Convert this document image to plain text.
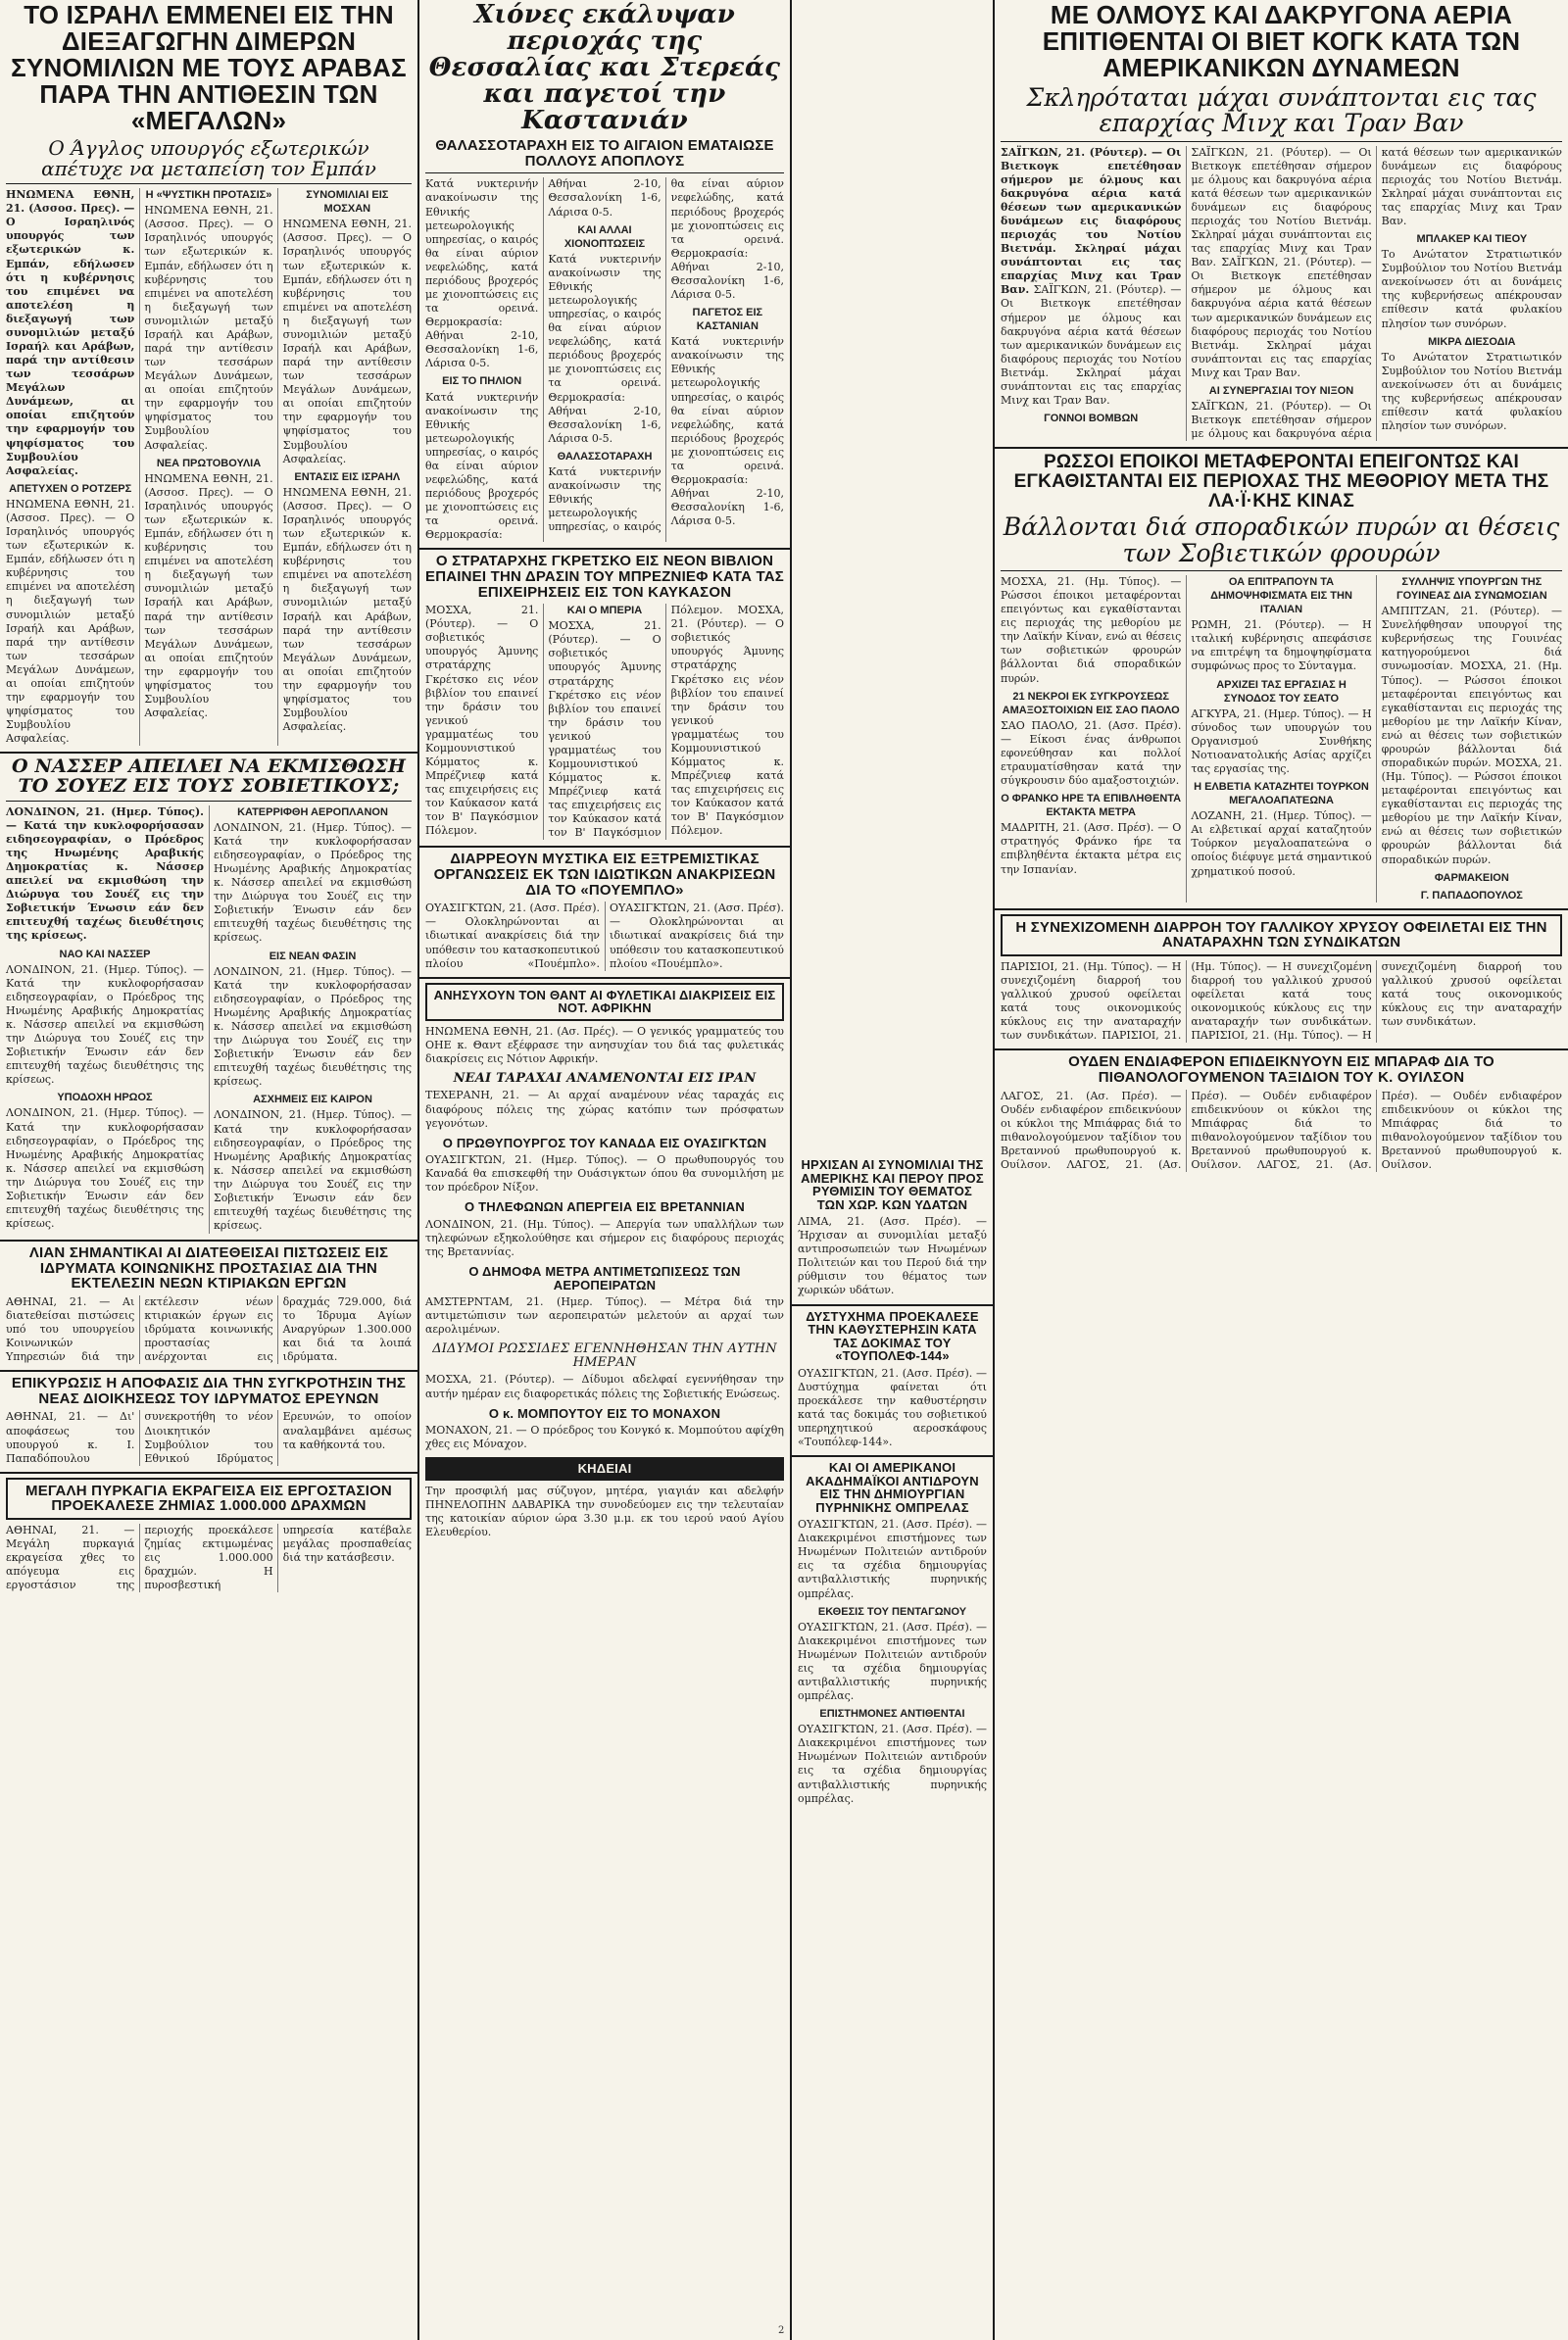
ΤΟ ΙΣΡΑΗΛ ΕΜΜΕΝΕΙ ΕΙΣ ΤΗΝ ΔΙΕΞΑΓΩΓΗΝ ΔΙΜΕΡΩΝ ΣΥΝΟΜΙΛΙΩΝ ΜΕ ΤΟΥΣ ΑΡΑΒΑΣ ΠΑΡΑ ΤΗΝ ΑΝΤΙΘΕΣΙΝ ΤΩΝ «ΜΕΓΑΛΩΝ»
Ο Άγγλος υπουργός εξωτερικών απέτυχε να μεταπείση τον Εμπάν
ΗΝΩΜΕΝΑ ΕΘΝΗ, 21. (Ασσοσ. Πρες). — Ο Ισραηλινός υπουργός των εξωτερικών κ. Εμπάν, εδήλωσεν ότι η κυβέρνησις του επιμένει να αποτελέση η διεξαγωγή των συνομιλιών μεταξύ Ισραήλ και Αράβων, παρά την αντίθεσιν των τεσσάρων Μεγάλων Δυνάμεων, αι οποίαι επιζητούν την εφαρμογήν του ψηφίσματος του Συμβουλίου Ασφαλείας.
ΑΠΕΤΥΧΕΝ Ο ΡΟΤΖΕΡΣ
ΗΝΩΜΕΝΑ ΕΘΝΗ, 21. (Ασσοσ. Πρες). — Ο Ισραηλινός υπουργός των εξωτερικών κ. Εμπάν, εδήλωσεν ότι η κυβέρνησις του επιμένει να αποτελέση η διεξαγωγή των συνομιλιών μεταξύ Ισραήλ και Αράβων, παρά την αντίθεσιν των τεσσάρων Μεγάλων Δυνάμεων, αι οποίαι επιζητούν την εφαρμογήν του ψηφίσματος του Συμβουλίου Ασφαλείας.
Η «ΨΥΣΤΙΚΗ ΠΡΟΤΑΣΙΣ»
ΗΝΩΜΕΝΑ ΕΘΝΗ, 21. (Ασσοσ. Πρες). — Ο Ισραηλινός υπουργός των εξωτερικών κ. Εμπάν, εδήλωσεν ότι η κυβέρνησις του επιμένει να αποτελέση η διεξαγωγή των συνομιλιών μεταξύ Ισραήλ και Αράβων, παρά την αντίθεσιν των τεσσάρων Μεγάλων Δυνάμεων, αι οποίαι επιζητούν την εφαρμογήν του ψηφίσματος του Συμβουλίου Ασφαλείας.
ΝΕΑ ΠΡΩΤΟΒΟΥΛΙΑ
ΗΝΩΜΕΝΑ ΕΘΝΗ, 21. (Ασσοσ. Πρες). — Ο Ισραηλινός υπουργός των εξωτερικών κ. Εμπάν, εδήλωσεν ότι η κυβέρνησις του επιμένει να αποτελέση η διεξαγωγή των συνομιλιών μεταξύ Ισραήλ και Αράβων, παρά την αντίθεσιν των τεσσάρων Μεγάλων Δυνάμεων, αι οποίαι επιζητούν την εφαρμογήν του ψηφίσματος του Συμβουλίου Ασφαλείας.
ΣΥΝΟΜΙΛΙΑΙ ΕΙΣ ΜΟΣΧΑΝ
ΗΝΩΜΕΝΑ ΕΘΝΗ, 21. (Ασσοσ. Πρες). — Ο Ισραηλινός υπουργός των εξωτερικών κ. Εμπάν, εδήλωσεν ότι η κυβέρνησις του επιμένει να αποτελέση η διεξαγωγή των συνομιλιών μεταξύ Ισραήλ και Αράβων, παρά την αντίθεσιν των τεσσάρων Μεγάλων Δυνάμεων, αι οποίαι επιζητούν την εφαρμογήν του ψηφίσματος του Συμβουλίου Ασφαλείας.
ΕΝΤΑΣΙΣ ΕΙΣ ΙΣΡΑΗΛ
ΗΝΩΜΕΝΑ ΕΘΝΗ, 21. (Ασσοσ. Πρες). — Ο Ισραηλινός υπουργός των εξωτερικών κ. Εμπάν, εδήλωσεν ότι η κυβέρνησις του επιμένει να αποτελέση η διεξαγωγή των συνομιλιών μεταξύ Ισραήλ και Αράβων, παρά την αντίθεσιν των τεσσάρων Μεγάλων Δυνάμεων, αι οποίαι επιζητούν την εφαρμογήν του ψηφίσματος του Συμβουλίου Ασφαλείας.
Ο ΝΑΣΣΕΡ ΑΠΕΙΛΕΙ ΝΑ ΕΚΜΙΣΘΩΣΗ ΤΟ ΣΟΥΕΖ ΕΙΣ ΤΟΥΣ ΣΟΒΙΕΤΙΚΟΥΣ;
ΛΟΝΔΙΝΟΝ, 21. (Ημερ. Τύπος). — Κατά την κυκλοφορήσασαν ειδησεογραφίαν, ο Πρόεδρος της Ηνωμένης Αραβικής Δημοκρατίας κ. Νάσσερ απειλεί να εκμισθώση την Διώρυγα του Σουέζ εις την Σοβιετικήν Ένωσιν εάν δεν επιτευχθή ταχέως διευθέτησις της κρίσεως.
ΝΑΟ ΚΑΙ ΝΑΣΣΕΡ
ΛΟΝΔΙΝΟΝ, 21. (Ημερ. Τύπος). — Κατά την κυκλοφορήσασαν ειδησεογραφίαν, ο Πρόεδρος της Ηνωμένης Αραβικής Δημοκρατίας κ. Νάσσερ απειλεί να εκμισθώση την Διώρυγα του Σουέζ εις την Σοβιετικήν Ένωσιν εάν δεν επιτευχθή ταχέως διευθέτησις της κρίσεως.
ΥΠΟΔΟΧΗ ΗΡΩΟΣ
ΛΟΝΔΙΝΟΝ, 21. (Ημερ. Τύπος). — Κατά την κυκλοφορήσασαν ειδησεογραφίαν, ο Πρόεδρος της Ηνωμένης Αραβικής Δημοκρατίας κ. Νάσσερ απειλεί να εκμισθώση την Διώρυγα του Σουέζ εις την Σοβιετικήν Ένωσιν εάν δεν επιτευχθή ταχέως διευθέτησις της κρίσεως.
ΚΑΤΕΡΡΙΦΘΗ ΑΕΡΟΠΛΑΝΟΝ
ΛΟΝΔΙΝΟΝ, 21. (Ημερ. Τύπος). — Κατά την κυκλοφορήσασαν ειδησεογραφίαν, ο Πρόεδρος της Ηνωμένης Αραβικής Δημοκρατίας κ. Νάσσερ απειλεί να εκμισθώση την Διώρυγα του Σουέζ εις την Σοβιετικήν Ένωσιν εάν δεν επιτευχθή ταχέως διευθέτησις της κρίσεως.
ΕΙΣ ΝΕΑΝ ΦΑΣΙΝ
ΛΟΝΔΙΝΟΝ, 21. (Ημερ. Τύπος). — Κατά την κυκλοφορήσασαν ειδησεογραφίαν, ο Πρόεδρος της Ηνωμένης Αραβικής Δημοκρατίας κ. Νάσσερ απειλεί να εκμισθώση την Διώρυγα του Σουέζ εις την Σοβιετικήν Ένωσιν εάν δεν επιτευχθή ταχέως διευθέτησις της κρίσεως.
ΑΣΧΗΜΕΙΣ ΕΙΣ ΚΑΙΡΟΝ
ΛΟΝΔΙΝΟΝ, 21. (Ημερ. Τύπος). — Κατά την κυκλοφορήσασαν ειδησεογραφίαν, ο Πρόεδρος της Ηνωμένης Αραβικής Δημοκρατίας κ. Νάσσερ απειλεί να εκμισθώση την Διώρυγα του Σουέζ εις την Σοβιετικήν Ένωσιν εάν δεν επιτευχθή ταχέως διευθέτησις της κρίσεως.
ΛΙΑΝ ΣΗΜΑΝΤΙΚΑΙ ΑΙ ΔΙΑΤΕΘΕΙΣΑΙ ΠΙΣΤΩΣΕΙΣ ΕΙΣ ΙΔΡΥΜΑΤΑ ΚΟΙΝΩΝΙΚΗΣ ΠΡΟΣΤΑΣΙΑΣ ΔΙΑ ΤΗΝ ΕΚΤΕΛΕΣΙΝ ΝΕΩΝ ΚΤΙΡΙΑΚΩΝ ΕΡΓΩΝ
ΑΘΗΝΑΙ, 21. — Αι διατεθείσαι πιστώσεις υπό του υπουργείου Κοινωνικών Υπηρεσιών διά την εκτέλεσιν νέων κτιριακών έργων εις ιδρύματα κοινωνικής προστασίας ανέρχονται εις δραχμάς 729.000, διά το Ίδρυμα Αγίων Αναργύρων 1.300.000 και διά τα λοιπά ιδρύματα.
ΕΠΙΚΥΡΩΣΙΣ Η ΑΠΟΦΑΣΙΣ ΔΙΑ ΤΗΝ ΣΥΓΚΡΟΤΗΣΙΝ ΤΗΣ ΝΕΑΣ ΔΙΟΙΚΗΣΕΩΣ ΤΟΥ ΙΔΡΥΜΑΤΟΣ ΕΡΕΥΝΩΝ
ΑΘΗΝΑΙ, 21. — Δι' αποφάσεως του υπουργού κ. Ι. Παπαδόπουλου συνεκροτήθη το νέον Διοικητικόν Συμβούλιον του Εθνικού Ιδρύματος Ερευνών, το οποίον αναλαμβάνει αμέσως τα καθήκοντά του.
ΜΕΓΑΛΗ ΠΥΡΚΑΓΙΑ ΕΚΡΑΓΕΙΣΑ ΕΙΣ ΕΡΓΟΣΤΑΣΙΟΝ ΠΡΟΕΚΑΛΕΣΕ ΖΗΜΙΑΣ 1.000.000 ΔΡΑΧΜΩΝ
ΑΘΗΝΑΙ, 21. — Μεγάλη πυρκαγιά εκραγείσα χθες το απόγευμα εις εργοστάσιον της περιοχής προεκάλεσε ζημίας εκτιμωμένας εις 1.000.000 δραχμών. Η πυροσβεστική υπηρεσία κατέβαλε μεγάλας προσπαθείας διά την κατάσβεσιν.
Χιόνες εκάλυψαν περιοχάς της Θεσσαλίας και Στερεάς και παγετοί την Καστανιάν
ΘΑΛΑΣΣΟΤΑΡΑΧΗ ΕΙΣ ΤΟ ΑΙΓΑΙΟΝ ΕΜΑΤΑΙΩΣΕ ΠΟΛΛΟΥΣ ΑΠΟΠΛΟΥΣ
Κατά νυκτερινήν ανακοίνωσιν της Εθνικής μετεωρολογικής υπηρεσίας, ο καιρός θα είναι αύριον νεφελώδης, κατά περιόδους βροχερός με χιονοπτώσεις εις τα ορεινά. Θερμοκρασία: Αθήναι 2-10, Θεσσαλονίκη 1-6, Λάρισα 0-5.
ΕΙΣ ΤΟ ΠΗΛΙΟΝ
Κατά νυκτερινήν ανακοίνωσιν της Εθνικής μετεωρολογικής υπηρεσίας, ο καιρός θα είναι αύριον νεφελώδης, κατά περιόδους βροχερός με χιονοπτώσεις εις τα ορεινά. Θερμοκρασία: Αθήναι 2-10, Θεσσαλονίκη 1-6, Λάρισα 0-5.
ΚΑΙ ΑΛΛΑΙ ΧΙΟΝΟΠΤΩΣΕΙΣ
Κατά νυκτερινήν ανακοίνωσιν της Εθνικής μετεωρολογικής υπηρεσίας, ο καιρός θα είναι αύριον νεφελώδης, κατά περιόδους βροχερός με χιονοπτώσεις εις τα ορεινά. Θερμοκρασία: Αθήναι 2-10, Θεσσαλονίκη 1-6, Λάρισα 0-5.
ΘΑΛΑΣΣΟΤΑΡΑΧΗ
Κατά νυκτερινήν ανακοίνωσιν της Εθνικής μετεωρολογικής υπηρεσίας, ο καιρός θα είναι αύριον νεφελώδης, κατά περιόδους βροχερός με χιονοπτώσεις εις τα ορεινά. Θερμοκρασία: Αθήναι 2-10, Θεσσαλονίκη 1-6, Λάρισα 0-5.
ΠΑΓΕΤΟΣ ΕΙΣ ΚΑΣΤΑΝΙΑΝ
Κατά νυκτερινήν ανακοίνωσιν της Εθνικής μετεωρολογικής υπηρεσίας, ο καιρός θα είναι αύριον νεφελώδης, κατά περιόδους βροχερός με χιονοπτώσεις εις τα ορεινά. Θερμοκρασία: Αθήναι 2-10, Θεσσαλονίκη 1-6, Λάρισα 0-5.
Ο ΣΤΡΑΤΑΡΧΗΣ ΓΚΡΕΤΣΚΟ ΕΙΣ ΝΕΟΝ ΒΙΒΛΙΟΝ ΕΠΑΙΝΕΙ ΤΗΝ ΔΡΑΣΙΝ ΤΟΥ ΜΠΡΕΖΝΙΕΦ ΚΑΤΑ ΤΑΣ ΕΠΙΧΕΙΡΗΣΕΙΣ ΕΙΣ ΤΟΝ ΚΑΥΚΑΣΟΝ
ΜΟΣΧΑ, 21. (Ρόυτερ). — Ο σοβιετικός υπουργός Άμυνης στρατάρχης Γκρέτσκο εις νέον βιβλίον του επαινεί την δράσιν του γενικού γραμματέως του Κομμουνιστικού Κόμματος κ. Μπρέζνιεφ κατά τας επιχειρήσεις εις τον Καύκασον κατά τον Β' Παγκόσμιον Πόλεμον.
ΚΑΙ Ο ΜΠΕΡΙΑ
ΜΟΣΧΑ, 21. (Ρόυτερ). — Ο σοβιετικός υπουργός Άμυνης στρατάρχης Γκρέτσκο εις νέον βιβλίον του επαινεί την δράσιν του γενικού γραμματέως του Κομμουνιστικού Κόμματος κ. Μπρέζνιεφ κατά τας επιχειρήσεις εις τον Καύκασον κατά τον Β' Παγκόσμιον Πόλεμον. ΜΟΣΧΑ, 21. (Ρόυτερ). — Ο σοβιετικός υπουργός Άμυνης στρατάρχης Γκρέτσκο εις νέον βιβλίον του επαινεί την δράσιν του γενικού γραμματέως του Κομμουνιστικού Κόμματος κ. Μπρέζνιεφ κατά τας επιχειρήσεις εις τον Καύκασον κατά τον Β' Παγκόσμιον Πόλεμον.
ΔΙΑΡΡΕΟΥΝ ΜΥΣΤΙΚΑ ΕΙΣ ΕΞΤΡΕΜΙΣΤΙΚΑΣ ΟΡΓΑΝΩΣΕΙΣ ΕΚ ΤΩΝ ΙΔΙΩΤΙΚΩΝ ΑΝΑΚΡΙΣΕΩΝ ΔΙΑ ΤΟ «ΠΟΥΕΜΠΛΟ»
ΟΥΑΣΙΓΚΤΩΝ, 21. (Ασσ. Πρέσ). — Ολοκληρώνονται αι ιδιωτικαί ανακρίσεις διά την υπόθεσιν του κατασκοπευτικού πλοίου «Πουέμπλο». ΟΥΑΣΙΓΚΤΩΝ, 21. (Ασσ. Πρέσ). — Ολοκληρώνονται αι ιδιωτικαί ανακρίσεις διά την υπόθεσιν του κατασκοπευτικού πλοίου «Πουέμπλο».
ΑΝΗΣΥΧΟΥΝ ΤΟΝ ΘΑΝΤ ΑΙ ΦΥΛΕΤΙΚΑΙ ΔΙΑΚΡΙΣΕΙΣ ΕΙΣ ΝΟΤ. ΑΦΡΙΚΗΝ
ΗΝΩΜΕΝΑ ΕΘΝΗ, 21. (Ασ. Πρές). — Ο γενικός γραμματεύς του ΟΗΕ κ. Θαντ εξέφρασε την ανησυχίαν του διά τας φυλετικάς διακρίσεις εις Νότιον Αφρικήν.
ΝΕΑΙ ΤΑΡΑΧΑΙ ΑΝΑΜΕΝΟΝΤΑΙ ΕΙΣ ΙΡΑΝ
ΤΕΧΕΡΑΝΗ, 21. — Αι αρχαί αναμένουν νέας ταραχάς εις διαφόρους πόλεις της χώρας κατόπιν των πρόσφατων γεγονότων.
Ο ΠΡΩΘΥΠΟΥΡΓΟΣ ΤΟΥ ΚΑΝΑΔΑ ΕΙΣ ΟΥΑΣΙΓΚΤΩΝ
ΟΥΑΣΙΓΚΤΩΝ, 21. (Ημερ. Τύπος). — Ο πρωθυπουργός του Καναδά θα επισκεφθή την Ουάσιγκτων όπου θα συνομιλήση με τον πρόεδρον Νίξον.
Ο ΤΗΛΕΦΩΝΩΝ ΑΠΕΡΓΕΙΑ ΕΙΣ ΒΡΕΤΑΝΝΙΑΝ
ΛΟΝΔΙΝΟΝ, 21. (Ημ. Τύπος). — Απεργία των υπαλλήλων των τηλεφώνων εξηκολούθησε και σήμερον εις διαφόρους περιοχάς της Βρεταννίας.
Ο ΔΗΜΟΦΑ ΜΕΤΡΑ ΑΝΤΙΜΕΤΩΠΙΣΕΩΣ ΤΩΝ ΑΕΡΟΠΕΙΡΑΤΩΝ
ΑΜΣΤΕΡΝΤΑΜ, 21. (Ημερ. Τύπος). — Μέτρα διά την αντιμετώπισιν των αεροπειρατών μελετούν αι αρχαί των αερολιμένων.
ΔΙΔΥΜΟΙ ΡΩΣΣΙΔΕΣ ΕΓΕΝΝΗΘΗΣΑΝ ΤΗΝ ΑΥΤΗΝ ΗΜΕΡΑΝ
ΜΟΣΧΑ, 21. (Ρόυτερ). — Δίδυμοι αδελφαί εγεννήθησαν την αυτήν ημέραν εις διαφορετικάς πόλεις της Σοβιετικής Ενώσεως.
Ο κ. ΜΟΜΠΟΥΤΟΥ ΕΙΣ ΤΟ ΜΟΝΑΧΟΝ
ΜΟΝΑΧΟΝ, 21. — Ο πρόεδρος του Κονγκό κ. Μομπούτου αφίχθη χθες εις Μόναχον.
ΚΗΔΕΙΑΙ
Την προσφιλή μας σύζυγον, μητέρα, γιαγιάν και αδελφήν ΠΗΝΕΛΟΠΗΝ ΔΑΒΑΡΙΚΑ την συνοδεύομεν εις την τελευταίαν της κατοικίαν αύριον ώρα 3.30 μ.μ. εκ του ιερού ναού Αγίου Ελευθερίου.
ΗΡΧΙΣΑΝ ΑΙ ΣΥΝΟΜΙΛΙΑΙ ΤΗΣ ΑΜΕΡΙΚΗΣ ΚΑΙ ΠΕΡΟΥ ΠΡΟΣ ΡΥΘΜΙΣΙΝ ΤΟΥ ΘΕΜΑΤΟΣ ΤΩΝ ΧΩΡ. ΚΩΝ ΥΔΑΤΩΝ
ΛΙΜΑ, 21. (Ασσ. Πρέσ). — Ήρχισαν αι συνομιλίαι μεταξύ αντιπροσωπειών των Ηνωμένων Πολιτειών και του Περού διά την ρύθμισιν του θέματος των χωρικών υδάτων.
ΔΥΣΤΥΧΗΜΑ ΠΡΟΕΚΑΛΕΣΕ ΤΗΝ ΚΑΘΥΣΤΕΡΗΣΙΝ ΚΑΤΑ ΤΑΣ ΔΟΚΙΜΑΣ ΤΟΥ «ΤΟΥΠΟΛΕΦ-144»
ΟΥΑΣΙΓΚΤΩΝ, 21. (Ασσ. Πρέσ). — Δυστύχημα φαίνεται ότι προεκάλεσε την καθυστέρησιν κατά τας δοκιμάς του σοβιετικού υπερηχητικού αεροσκάφους «Τουπόλεφ-144».
ΚΑΙ ΟΙ ΑΜΕΡΙΚΑΝΟΙ ΑΚΑΔΗΜΑΪΚΟΙ ΑΝΤΙΔΡΟΥΝ ΕΙΣ ΤΗΝ ΔΗΜΙΟΥΡΓΙΑΝ ΠΥΡΗΝΙΚΗΣ ΟΜΠΡΕΛΑΣ
ΟΥΑΣΙΓΚΤΩΝ, 21. (Ασσ. Πρέσ). — Διακεκριμένοι επιστήμονες των Ηνωμένων Πολιτειών αντιδρούν εις τα σχέδια δημιουργίας αντιβαλλιστικής πυρηνικής ομπρέλας.
ΕΚΘΕΣΙΣ ΤΟΥ ΠΕΝΤΑΓΩΝΟΥ
ΟΥΑΣΙΓΚΤΩΝ, 21. (Ασσ. Πρέσ). — Διακεκριμένοι επιστήμονες των Ηνωμένων Πολιτειών αντιδρούν εις τα σχέδια δημιουργίας αντιβαλλιστικής πυρηνικής ομπρέλας.
ΕΠΙΣΤΗΜΟΝΕΣ ΑΝΤΙΘΕΝΤΑΙ
ΟΥΑΣΙΓΚΤΩΝ, 21. (Ασσ. Πρέσ). — Διακεκριμένοι επιστήμονες των Ηνωμένων Πολιτειών αντιδρούν εις τα σχέδια δημιουργίας αντιβαλλιστικής πυρηνικής ομπρέλας.
ΜΕ ΟΛΜΟΥΣ ΚΑΙ ΔΑΚΡΥΓΟΝΑ ΑΕΡΙΑ ΕΠΙΤΙΘΕΝΤΑΙ ΟΙ ΒΙΕΤ ΚΟΓΚ ΚΑΤΑ ΤΩΝ ΑΜΕΡΙΚΑΝΙΚΩΝ ΔΥΝΑΜΕΩΝ
Σκληρόταται μάχαι συνάπτονται εις τας επαρχίας Μινχ και Τραν Βαν
ΣΑΪΓΚΩΝ, 21. (Ρόυτερ). — Οι Βιετκογκ επετέθησαν σήμερον με όλμους και δακρυγόνα αέρια κατά θέσεων των αμερικανικών δυνάμεων εις διαφόρους περιοχάς του Νοτίου Βιετνάμ. Σκληραί μάχαι συνάπτονται εις τας επαρχίας Μινχ και Τραν Βαν. ΣΑΪΓΚΩΝ, 21. (Ρόυτερ). — Οι Βιετκογκ επετέθησαν σήμερον με όλμους και δακρυγόνα αέρια κατά θέσεων των αμερικανικών δυνάμεων εις διαφόρους περιοχάς του Νοτίου Βιετνάμ. Σκληραί μάχαι συνάπτονται εις τας επαρχίας Μινχ και Τραν Βαν.
ΓΟΝΝΟΙ ΒΟΜΒΩΝ
ΣΑΪΓΚΩΝ, 21. (Ρόυτερ). — Οι Βιετκογκ επετέθησαν σήμερον με όλμους και δακρυγόνα αέρια κατά θέσεων των αμερικανικών δυνάμεων εις διαφόρους περιοχάς του Νοτίου Βιετνάμ. Σκληραί μάχαι συνάπτονται εις τας επαρχίας Μινχ και Τραν Βαν. ΣΑΪΓΚΩΝ, 21. (Ρόυτερ). — Οι Βιετκογκ επετέθησαν σήμερον με όλμους και δακρυγόνα αέρια κατά θέσεων των αμερικανικών δυνάμεων εις διαφόρους περιοχάς του Νοτίου Βιετνάμ. Σκληραί μάχαι συνάπτονται εις τας επαρχίας Μινχ και Τραν Βαν.
ΑΙ ΣΥΝΕΡΓΑΣΙΑΙ ΤΟΥ ΝΙΞΟΝ
ΣΑΪΓΚΩΝ, 21. (Ρόυτερ). — Οι Βιετκογκ επετέθησαν σήμερον με όλμους και δακρυγόνα αέρια κατά θέσεων των αμερικανικών δυνάμεων εις διαφόρους περιοχάς του Νοτίου Βιετνάμ. Σκληραί μάχαι συνάπτονται εις τας επαρχίας Μινχ και Τραν Βαν.
ΜΠΛΑΚΕΡ ΚΑΙ ΤΙΕΟΥ
Το Ανώτατον Στρατιωτικόν Συμβούλιον του Νοτίου Βιετνάμ ανεκοίνωσεν ότι αι δυνάμεις της κυβερνήσεως απέκρουσαν επίθεσιν κατά φυλακίου πλησίον των συνόρων.
ΜΙΚΡΑ ΔΙΕΣΟΔΙΑ
Το Ανώτατον Στρατιωτικόν Συμβούλιον του Νοτίου Βιετνάμ ανεκοίνωσεν ότι αι δυνάμεις της κυβερνήσεως απέκρουσαν επίθεσιν κατά φυλακίου πλησίον των συνόρων.
ΡΩΣΣΟΙ ΕΠΟΙΚΟΙ ΜΕΤΑΦΕΡΟΝΤΑΙ ΕΠΕΙΓΟΝΤΩΣ ΚΑΙ ΕΓΚΑΘΙΣΤΑΝΤΑΙ ΕΙΣ ΠΕΡΙΟΧΑΣ ΤΗΣ ΜΕΘΟΡΙΟΥ ΜΕΤΑ ΤΗΣ ΛΑ·Ϊ·ΚΗΣ ΚΙΝΑΣ
Βάλλονται διά σποραδικών πυρών αι θέσεις των Σοβιετικών φρουρών
ΜΟΣΧΑ, 21. (Ημ. Τύπος). — Ρώσσοι έποικοι μεταφέρονται επειγόντως και εγκαθίστανται εις περιοχάς της μεθορίου με την Λαϊκήν Κίναν, ενώ αι θέσεις των σοβιετικών φρουρών βάλλονται διά σποραδικών πυρών.
21 ΝΕΚΡΟΙ ΕΚ ΣΥΓΚΡΟΥΣΕΩΣ ΑΜΑΞΟΣΤΟΙΧΙΩΝ ΕΙΣ ΣΑΟ ΠΑΟΛΟ
ΣΑΟ ΠΑΟΛΟ, 21. (Ασσ. Πρέσ). — Είκοσι ένας άνθρωποι εφονεύθησαν και πολλοί ετραυματίσθησαν κατά την σύγκρουσιν δύο αμαξοστοιχιών.
Ο ΦΡΑΝΚΟ ΗΡΕ ΤΑ ΕΠΙΒΛΗΘΕΝΤΑ ΕΚΤΑΚΤΑ ΜΕΤΡΑ
ΜΑΔΡΙΤΗ, 21. (Ασσ. Πρέσ). — Ο στρατηγός Φράνκο ήρε τα επιβληθέντα έκτακτα μέτρα εις την Ισπανίαν.
ΟΑ ΕΠΙΤΡΑΠΟΥΝ ΤΑ ΔΗΜΟΨΗΦΙΣΜΑΤΑ ΕΙΣ ΤΗΝ ΙΤΑΛΙΑΝ
ΡΩΜΗ, 21. (Ρόυτερ). — Η ιταλική κυβέρνησις απεφάσισε να επιτρέψη τα δημοψηφίσματα συμφώνως προς το Σύνταγμα.
ΑΡΧΙΖΕΙ ΤΑΣ ΕΡΓΑΣΙΑΣ Η ΣΥΝΟΔΟΣ ΤΟΥ ΣΕΑΤΟ
ΑΓΚΥΡΑ, 21. (Ημερ. Τύπος). — Η σύνοδος των υπουργών του Οργανισμού Συνθήκης Νοτιοανατολικής Ασίας αρχίζει τας εργασίας της.
Η ΕΛΒΕΤΙΑ ΚΑΤΑΖΗΤΕΙ ΤΟΥΡΚΟΝ ΜΕΓΑΛΟΑΠΑΤΕΩΝΑ
ΛΟΖΑΝΗ, 21. (Ημερ. Τύπος). — Αι ελβετικαί αρχαί καταζητούν Τούρκον μεγαλοαπατεώνα ο οποίος διέφυγε μετά σημαντικού χρηματικού ποσού.
ΣΥΛΛΗΨΙΣ ΥΠΟΥΡΓΩΝ ΤΗΣ ΓΟΥΙΝΕΑΣ ΔΙΑ ΣΥΝΩΜΟΣΙΑΝ
ΑΜΠΙΤΖΑΝ, 21. (Ρόυτερ). — Συνελήφθησαν υπουργοί της κυβερνήσεως της Γουινέας κατηγορούμενοι διά συνωμοσίαν. ΜΟΣΧΑ, 21. (Ημ. Τύπος). — Ρώσσοι έποικοι μεταφέρονται επειγόντως και εγκαθίστανται εις περιοχάς της μεθορίου με την Λαϊκήν Κίναν, ενώ αι θέσεις των σοβιετικών φρουρών βάλλονται διά σποραδικών πυρών. ΜΟΣΧΑ, 21. (Ημ. Τύπος). — Ρώσσοι έποικοι μεταφέρονται επειγόντως και εγκαθίστανται εις περιοχάς της μεθορίου με την Λαϊκήν Κίναν, ενώ αι θέσεις των σοβιετικών φρουρών βάλλονται διά σποραδικών πυρών.
ΦΑΡΜΑΚΕΙΟΝ
Γ. ΠΑΠΑΔΟΠΟΥΛΟΣ
Η ΣΥΝΕΧΙΖΟΜΕΝΗ ΔΙΑΡΡΟΗ ΤΟΥ ΓΑΛΛΙΚΟΥ ΧΡΥΣΟΥ ΟΦΕΙΛΕΤΑΙ ΕΙΣ ΤΗΝ ΑΝΑΤΑΡΑΧΗΝ ΤΩΝ ΣΥΝΔΙΚΑΤΩΝ
ΠΑΡΙΣΙΟΙ, 21. (Ημ. Τύπος). — Η συνεχιζομένη διαρροή του γαλλικού χρυσού οφείλεται κατά τους οικονομικούς κύκλους εις την αναταραχήν των συνδικάτων. ΠΑΡΙΣΙΟΙ, 21. (Ημ. Τύπος). — Η συνεχιζομένη διαρροή του γαλλικού χρυσού οφείλεται κατά τους οικονομικούς κύκλους εις την αναταραχήν των συνδικάτων. ΠΑΡΙΣΙΟΙ, 21. (Ημ. Τύπος). — Η συνεχιζομένη διαρροή του γαλλικού χρυσού οφείλεται κατά τους οικονομικούς κύκλους εις την αναταραχήν των συνδικάτων.
ΟΥΔΕΝ ΕΝΔΙΑΦΕΡΟΝ ΕΠΙΔΕΙΚΝΥΟΥΝ ΕΙΣ ΜΠΑΡΑΦ ΔΙΑ ΤΟ ΠΙΘΑΝΟΛΟΓΟΥΜΕΝΟΝ ΤΑΞΙΔΙΟΝ ΤΟΥ Κ. ΟΥΙΛΣΟΝ
ΛΑΓΟΣ, 21. (Ασ. Πρέσ). — Ουδέν ενδιαφέρον επιδεικνύουν οι κύκλοι της Μπιάφρας διά το πιθανολογούμενον ταξίδιον του Βρεταννού πρωθυπουργού κ. Ουίλσον. ΛΑΓΟΣ, 21. (Ασ. Πρέσ). — Ουδέν ενδιαφέρον επιδεικνύουν οι κύκλοι της Μπιάφρας διά το πιθανολογούμενον ταξίδιον του Βρεταννού πρωθυπουργού κ. Ουίλσον. ΛΑΓΟΣ, 21. (Ασ. Πρέσ). — Ουδέν ενδιαφέρον επιδεικνύουν οι κύκλοι της Μπιάφρας διά το πιθανολογούμενον ταξίδιον του Βρεταννού πρωθυπουργού κ. Ουίλσον.
2
